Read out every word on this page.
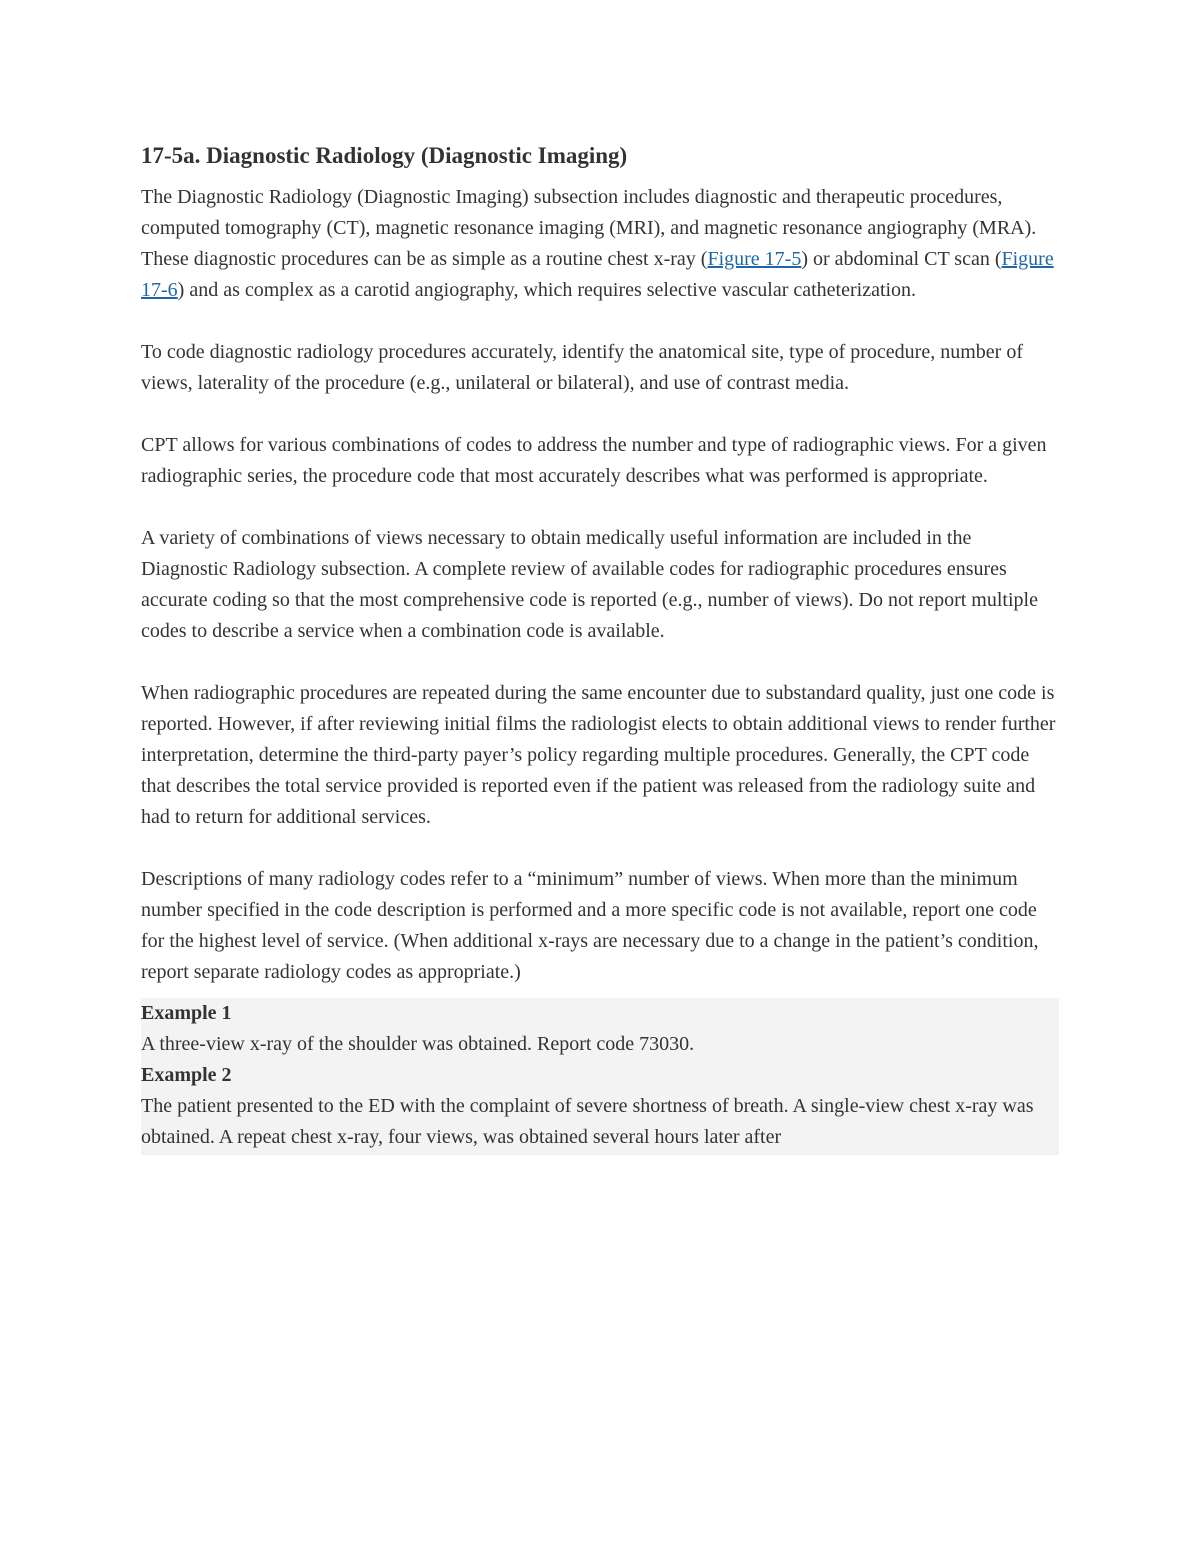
17-5a. Diagnostic Radiology (Diagnostic Imaging)

The Diagnostic Radiology (Diagnostic Imaging) subsection includes diagnostic and therapeutic procedures, computed tomography (CT), magnetic resonance imaging (MRI), and magnetic resonance angiography (MRA). These diagnostic procedures can be as simple as a routine chest x-ray (Figure 17-5) or abdominal CT scan (Figure 17-6) and as complex as a carotid angiography, which requires selective vascular catheterization.

To code diagnostic radiology procedures accurately, identify the anatomical site, type of procedure, number of views, laterality of the procedure (e.g., unilateral or bilateral), and use of contrast media.

CPT allows for various combinations of codes to address the number and type of radiographic views. For a given radiographic series, the procedure code that most accurately describes what was performed is appropriate.

A variety of combinations of views necessary to obtain medically useful information are included in the Diagnostic Radiology subsection. A complete review of available codes for radiographic procedures ensures accurate coding so that the most comprehensive code is reported (e.g., number of views). Do not report multiple codes to describe a service when a combination code is available.

When radiographic procedures are repeated during the same encounter due to substandard quality, just one code is reported. However, if after reviewing initial films the radiologist elects to obtain additional views to render further interpretation, determine the third-party payer’s policy regarding multiple procedures. Generally, the CPT code that describes the total service provided is reported even if the patient was released from the radiology suite and had to return for additional services.

Descriptions of many radiology codes refer to a “minimum” number of views. When more than the minimum number specified in the code description is performed and a more specific code is not available, report one code for the highest level of service. (When additional x-rays are necessary due to a change in the patient’s condition, report separate radiology codes as appropriate.)

Example 1
A three-view x-ray of the shoulder was obtained. Report code 73030.
Example 2
The patient presented to the ED with the complaint of severe shortness of breath. A single-view chest x-ray was obtained. A repeat chest x-ray, four views, was obtained several hours later after
